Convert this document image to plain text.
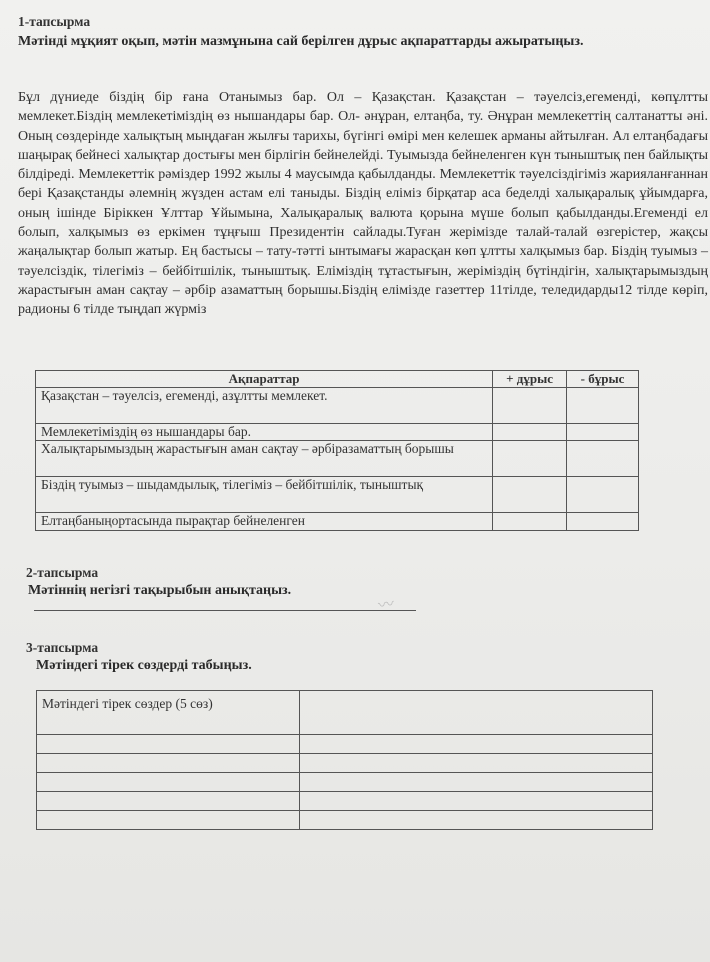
1-тапсырма
Мәтінді мұқият оқып, мәтін мазмұнына сай берілген дұрыс ақпараттарды ажыратыңыз.
Бұл дүниеде біздің бір ғана Отанымыз бар. Ол – Қазақстан. Қазақстан – тәуелсіз,егеменді, көпұлтты мемлекет.Біздің мемлекетіміздің өз нышандары бар. Ол- әнұран, елтаңба, ту. Әнұран мемлекеттің салтанатты әні. Оның сөздерінде халықтың мыңдаған жылғы тарихы, бүгінгі өмірі мен келешек арманы айтылған. Ал елтаңбадағы шаңырақ бейнесі халықтар достығы мен бірлігін бейнелейді. Туымызда бейнеленген күн тыныштық пен байлықты білдіреді. Мемлекеттік рәміздер 1992 жылы 4 маусымда қабылданды. Мемлекеттік тәуелсіздігіміз жарияланғаннан бері Қазақстанды әлемнің жүзден астам елі таныды. Біздің еліміз бірқатар аса беделді халықаралық ұйымдарға, оның ішінде Біріккен Ұлттар Ұйымына, Халықаралық валюта қорына мүше болып қабылданды.Егеменді ел болып, халқымыз өз еркімен тұңғыш Президентін сайлады.Туған жерімізде талай-талай өзгерістер, жақсы жаңалықтар болып жатыр. Ең бастысы – тату-тәтті ынтымағы жарасқан көп ұлтты халқымыз бар. Біздің туымыз – тәуелсіздік, тілегіміз – бейбітшілік, тыныштық. Еліміздің тұтастығын, жеріміздің бүтіндігін, халықтарымыздың жарастығын аман сақтау – әрбір азаматтың борышы.Біздің елімізде газеттер 11тілде, теледидарды12 тілде көріп, радионы 6 тілде тыңдап жүрміз
Ақпараттар	+ дұрыс	- бұрыс
Қазақстан – тәуелсіз, егеменді, азұлтты мемлекет.		
Мемлекетіміздің өз нышандары бар.		
Халықтарымыздың жарастығын аман сақтау – әрбіразаматтың борышы		
Біздің туымыз – шыдамдылық, тілегіміз – бейбітшілік, тыныштық		
Елтаңбаныңортасында пырақтар бейнеленген		
2-тапсырма
Мәтіннің негізгі тақырыбын анықтаңыз.
〰
3-тапсырма
Мәтіндегі тірек сөздерді табыңыз.
Мәтіндегі тірек сөздер (5 сөз)	
